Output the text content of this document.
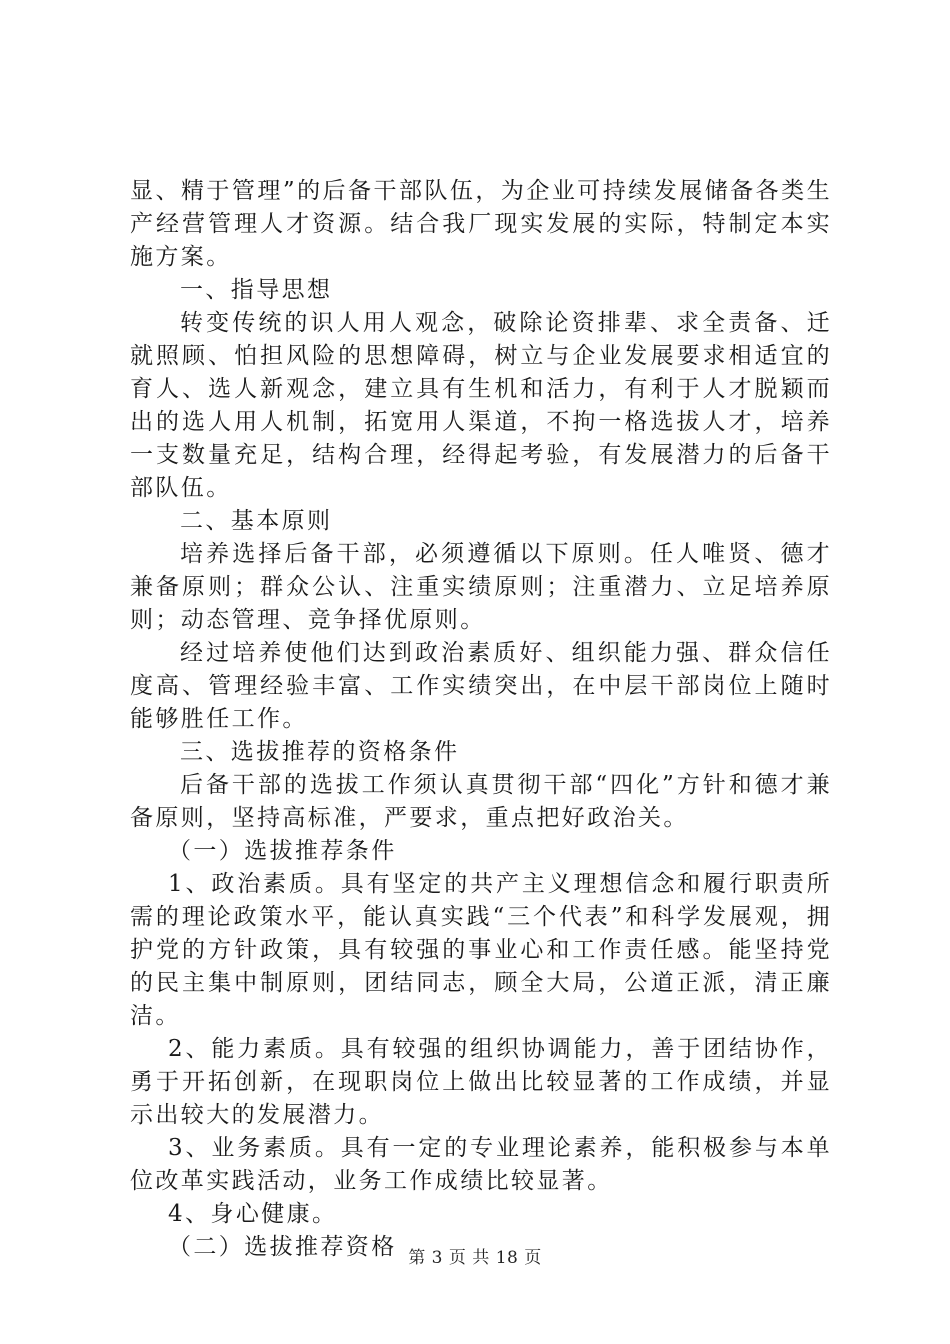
显、精于管理”的后备干部队伍，为企业可持续发展储备各类生产经营管理人才资源。结合我厂现实发展的实际，特制定本实施方案。

一、指导思想

转变传统的识人用人观念，破除论资排辈、求全责备、迁就照顾、怕担风险的思想障碍，树立与企业发展要求相适宜的育人、选人新观念，建立具有生机和活力，有利于人才脱颖而出的选人用人机制，拓宽用人渠道，不拘一格选拔人才，培养一支数量充足，结构合理，经得起考验，有发展潜力的后备干部队伍。

二、基本原则

培养选择后备干部，必须遵循以下原则。任人唯贤、德才兼备原则；群众公认、注重实绩原则；注重潜力、立足培养原则；动态管理、竞争择优原则。

经过培养使他们达到政治素质好、组织能力强、群众信任度高、管理经验丰富、工作实绩突出，在中层干部岗位上随时能够胜任工作。

三、选拔推荐的资格条件

后备干部的选拔工作须认真贯彻干部“四化”方针和德才兼备原则，坚持高标准，严要求，重点把好政治关。

（一）选拔推荐条件

1、政治素质。具有坚定的共产主义理想信念和履行职责所需的理论政策水平，能认真实践“三个代表”和科学发展观，拥护党的方针政策，具有较强的事业心和工作责任感。能坚持党的民主集中制原则，团结同志，顾全大局，公道正派，清正廉洁。

2、能力素质。具有较强的组织协调能力，善于团结协作，勇于开拓创新，在现职岗位上做出比较显著的工作成绩，并显示出较大的发展潜力。

3、业务素质。具有一定的专业理论素养，能积极参与本单位改革实践活动，业务工作成绩比较显著。

4、身心健康。

（二）选拔推荐资格 第 3 页 共 18 页
